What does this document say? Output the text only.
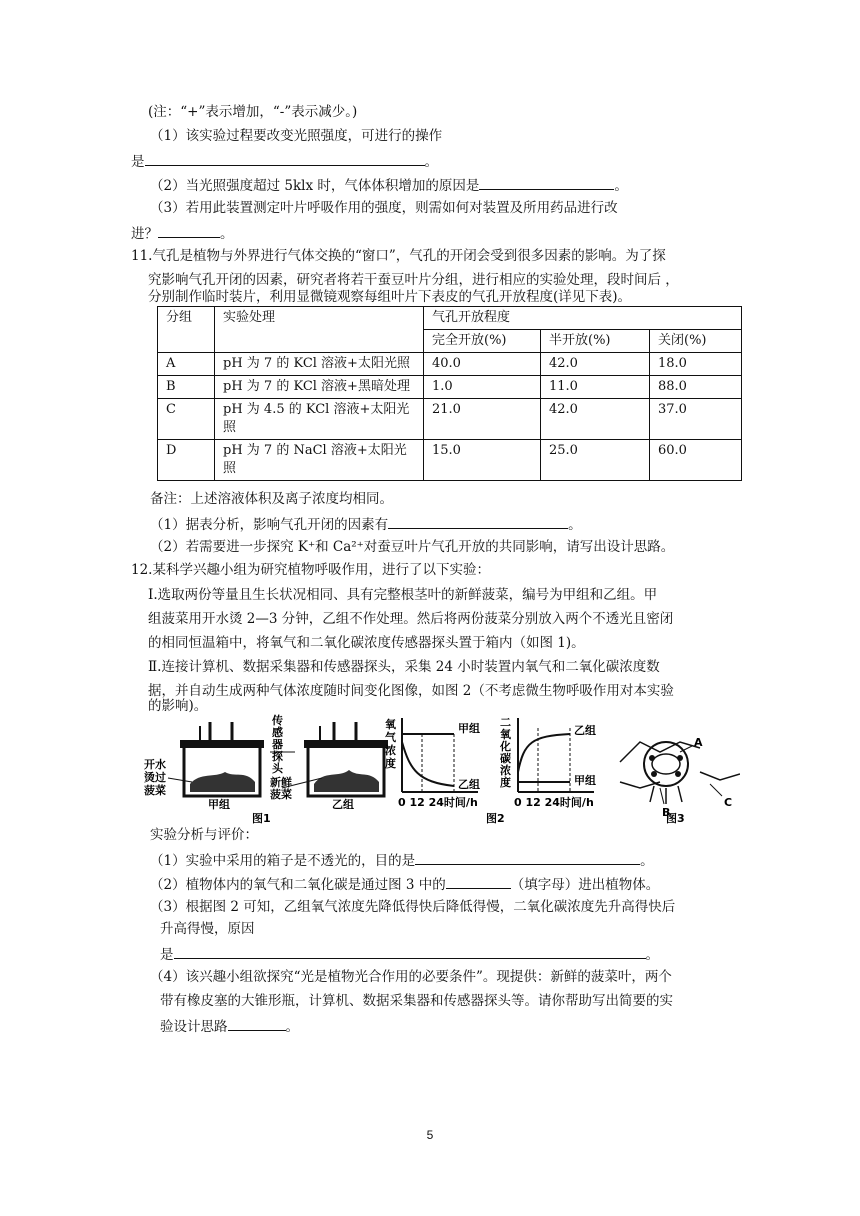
(注：“+”表示增加，“-”表示减少。)
（1）该实验过程要改变光照强度，可进行的操作
是	。
（2）当光照强度超过 5klx 时，气体体积增加的原因是	。
（3）若用此装置测定叶片呼吸作用的强度，则需如何对装置及所用药品进行改
进？	。
11.气孔是植物与外界进行气体交换的“窗口”，气孔的开闭会受到很多因素的影响。为了探
究影响气孔开闭的因素，研究者将若干蚕豆叶片分组，进行相应的实验处理，段时间后 ，
分别制作临时装片，利用显微镜观察每组叶片下表皮的气孔开放程度(详见下表)。
分组	实验处理	气孔开放程度		
		完全开放(%)	半开放(%)	关闭(%)
A	pH 为 7 的 KCl 溶液+太阳光照	40.0	42.0	18.0
B	pH 为 7 的 KCl 溶液+黑暗处理	1.0	11.0	88.0
C	pH 为 4.5 的 KCl 溶液+太阳光
照	21.0	42.0	37.0
D	pH 为 7 的 NaCl 溶液+太阳光照	15.0	25.0	60.0
备注：上述溶液体积及离子浓度均相同。
（1）据表分析，影响气孔开闭的因素有	。
（2）若需要进一步探究 K⁺和 Ca²⁺对蚕豆叶片气孔开放的共同影响，请写出设计思路。
12.某科学兴趣小组为研究植物呼吸作用，进行了以下实验：
Ⅰ.选取两份等量且生长状况相同、具有完整根茎叶的新鲜菠菜，编号为甲组和乙组。甲
组菠菜用开水烫 2—3 分钟，乙组不作处理。然后将两份菠菜分别放入两个不透光且密闭
的相同恒温箱中，将氧气和二氧化碳浓度传感器探头置于箱内（如图 1)。
Ⅱ.连接计算机、数据采集器和传感器探头，采集 24 小时装置内氧气和二氧化碳浓度数
据，并自动生成两种气体浓度随时间变化图像，如图 2（不考虑微生物呼吸作用对本实验
的影响)。
开水
烫过
菠菜
传
感
器
探
头
新鲜
菠菜
甲组	乙组
图1
氧
气
浓
度
甲组
乙组
0 12 24时间/h
二
氧
化
碳
浓
度
乙组
甲组
0 12 24时间/h
图2
A
B
C
图3
实验分析与评价：
（1）实验中采用的箱子是不透光的，目的是	。
（2）植物体内的氧气和二氧化碳是通过图 3 中的	（填字母）进出植物体。
（3）根据图 2 可知，乙组氧气浓度先降低得快后降低得慢，二氧化碳浓度先升高得快后
升高得慢，原因
是	。
（4）该兴趣小组欲探究“光是植物光合作用的必要条件”。现提供：新鲜的菠菜叶，两个
带有橡皮塞的大锥形瓶，计算机、数据采集器和传感器探头等。请你帮助写出简要的实
验设计思路	。
5
